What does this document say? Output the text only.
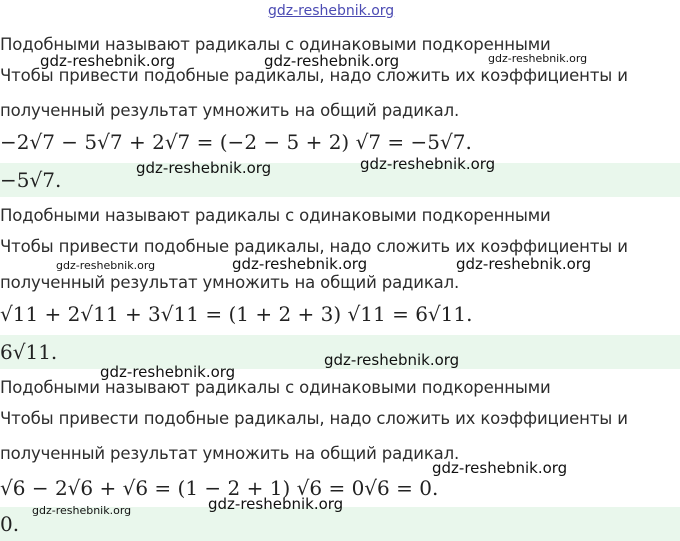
gdz-reshebnik.org
Подобными называют радикалы с одинаковыми подкоренными
Чтобы привести подобные радикалы, надо сложить их коэффициенты и
полученный результат умножить на общий радикал.
−2√7 − 5√7 + 2√7 = (−2 − 5 + 2) √7 = −5√7.
−5√7.
Подобными называют радикалы с одинаковыми подкоренными
Чтобы привести подобные радикалы, надо сложить их коэффициенты и
полученный результат умножить на общий радикал.
√11 + 2√11 + 3√11 = (1 + 2 + 3) √11 = 6√11.
6√11.
Подобными называют радикалы с одинаковыми подкоренными
Чтобы привести подобные радикалы, надо сложить их коэффициенты и
полученный результат умножить на общий радикал.
√6 − 2√6 + √6 = (1 − 2 + 1) √6 = 0√6 = 0.
0.
gdz-reshebnik.org	gdz-reshebnik.org	gdz-reshebnik.org
gdz-reshebnik.org	gdz-reshebnik.org
gdz-reshebnik.org	gdz-reshebnik.org	gdz-reshebnik.org
gdz-reshebnik.org
gdz-reshebnik.org
gdz-reshebnik.org
gdz-reshebnik.org	gdz-reshebnik.org
